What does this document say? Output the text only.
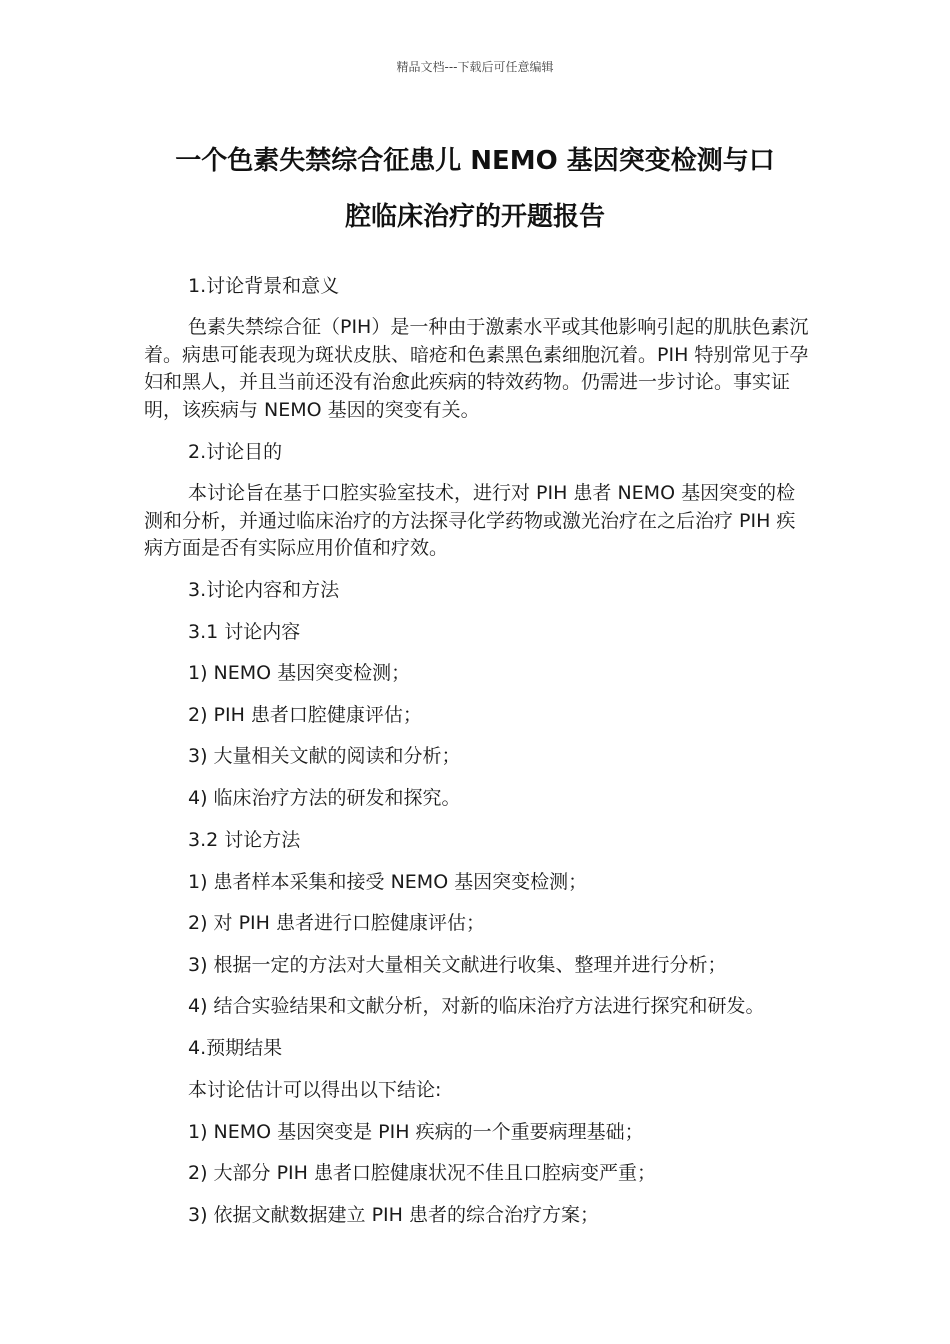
精品文档---下载后可任意编辑
一个色素失禁综合征患儿 NEMO 基因突变检测与口
腔临床治疗的开题报告
1.讨论背景和意义
色素失禁综合征（PIH）是一种由于激素水平或其他影响引起的肌肤色素沉着。病患可能表现为斑状皮肤、暗疮和色素黑色素细胞沉着。PIH 特别常见于孕妇和黑人，并且当前还没有治愈此疾病的特效药物。仍需进一步讨论。事实证明，该疾病与 NEMO 基因的突变有关。
2.讨论目的
本讨论旨在基于口腔实验室技术，进行对 PIH 患者 NEMO 基因突变的检测和分析，并通过临床治疗的方法探寻化学药物或激光治疗在之后治疗 PIH 疾病方面是否有实际应用价值和疗效。
3.讨论内容和方法
3.1 讨论内容
1) NEMO 基因突变检测；
2) PIH 患者口腔健康评估；
3) 大量相关文献的阅读和分析；
4) 临床治疗方法的研发和探究。
3.2 讨论方法
1) 患者样本采集和接受 NEMO 基因突变检测；
2) 对 PIH 患者进行口腔健康评估；
3) 根据一定的方法对大量相关文献进行收集、整理并进行分析；
4) 结合实验结果和文献分析，对新的临床治疗方法进行探究和研发。
4.预期结果
本讨论估计可以得出以下结论:
1) NEMO 基因突变是 PIH 疾病的一个重要病理基础；
2) 大部分 PIH 患者口腔健康状况不佳且口腔病变严重；
3) 依据文献数据建立 PIH 患者的综合治疗方案；
